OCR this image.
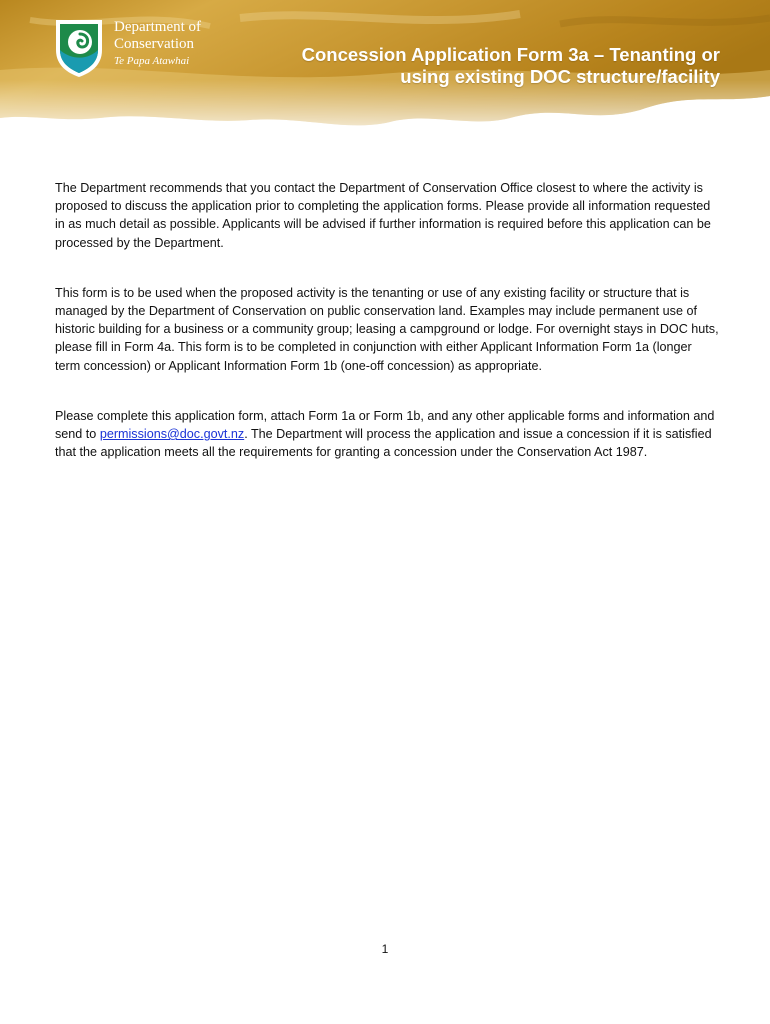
Department of
Conservation
Te Papa Atawhai	Concession Application Form 3a – Tenanting or
using existing DOC structure/facility

The Department recommends that you contact the Department of Conservation Office closest to where the activity is proposed to discuss the application prior to completing the application forms. Please provide all information requested in as much detail as possible. Applicants will be advised if further information is required before this application can be processed by the Department.

This form is to be used when the proposed activity is the tenanting or use of any existing facility or structure that is managed by the Department of Conservation on public conservation land. Examples may include permanent use of historic building for a business or a community group; leasing a campground or lodge. For overnight stays in DOC huts, please fill in Form 4a. This form is to be completed in conjunction with either Applicant Information Form 1a (longer term concession) or Applicant Information Form 1b (one-off concession) as appropriate.

Please complete this application form, attach Form 1a or Form 1b, and any other applicable forms and information and send to permissions@doc.govt.nz. The Department will process the application and issue a concession if it is satisfied that the application meets all the requirements for granting a concession under the Conservation Act 1987.

1
